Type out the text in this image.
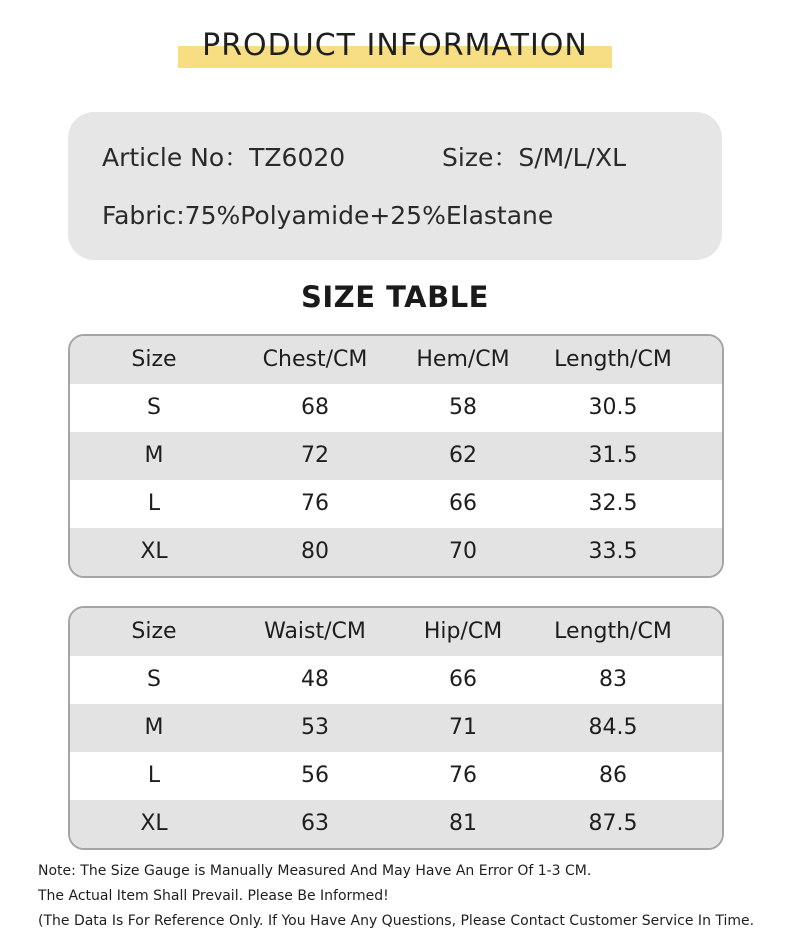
PRODUCT INFORMATION
Article No：TZ6020	Size：S/M/L/XL
Fabric:75%Polyamide+25%Elastane
SIZE TABLE
Size	Chest/CM	Hem/CM	Length/CM
S	68	58	30.5
M	72	62	31.5
L	76	66	32.5
XL	80	70	33.5
Size	Waist/CM	Hip/CM	Length/CM
S	48	66	83
M	53	71	84.5
L	56	76	86
XL	63	81	87.5
Note: The Size Gauge is Manually Measured And May Have An Error Of 1-3 CM.
The Actual Item Shall Prevail. Please Be Informed!
(The Data Is For Reference Only. If You Have Any Questions, Please Contact Customer Service In Time.
